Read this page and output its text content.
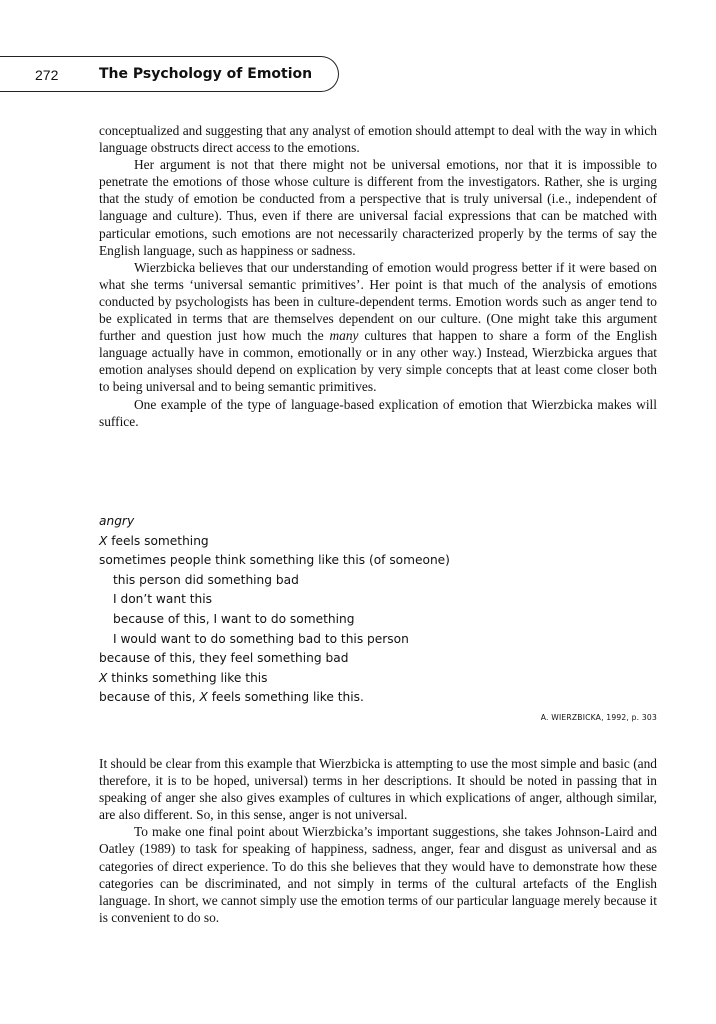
272	The Psychology of Emotion

conceptualized and suggesting that any analyst of emotion should attempt to deal with the way in which language obstructs direct access to the emotions.

Her argument is not that there might not be universal emotions, nor that it is impossible to penetrate the emotions of those whose culture is different from the investigators. Rather, she is urging that the study of emotion be conducted from a perspective that is truly universal (i.e., independent of language and culture). Thus, even if there are universal facial expressions that can be matched with particular emotions, such emotions are not necessarily characterized properly by the terms of say the English language, such as happiness or sadness.

Wierzbicka believes that our understanding of emotion would progress better if it were based on what she terms ‘universal semantic primitives’. Her point is that much of the analysis of emotions conducted by psychologists has been in culture-dependent terms. Emotion words such as anger tend to be explicated in terms that are themselves dependent on our culture. (One might take this argument further and question just how much the many cultures that happen to share a form of the English language actually have in common, emotionally or in any other way.) Instead, Wierzbicka argues that emotion analyses should depend on explication by very simple concepts that at least come closer both to being universal and to being semantic primitives.

One example of the type of language-based explication of emotion that Wierzbicka makes will suffice.

angry
X feels something
sometimes people think something like this (of someone)
this person did something bad
I don’t want this
because of this, I want to do something
I would want to do something bad to this person
because of this, they feel something bad
X thinks something like this
because of this, X feels something like this.
A. WIERZBICKA, 1992, p. 303

It should be clear from this example that Wierzbicka is attempting to use the most simple and basic (and therefore, it is to be hoped, universal) terms in her descriptions. It should be noted in passing that in speaking of anger she also gives examples of cultures in which explications of anger, although similar, are also different. So, in this sense, anger is not universal.

To make one final point about Wierzbicka’s important suggestions, she takes Johnson-Laird and Oatley (1989) to task for speaking of happiness, sadness, anger, fear and disgust as universal and as categories of direct experience. To do this she believes that they would have to demonstrate how these categories can be discriminated, and not simply in terms of the cultural artefacts of the English language. In short, we cannot simply use the emotion terms of our particular language merely because it is convenient to do so.
